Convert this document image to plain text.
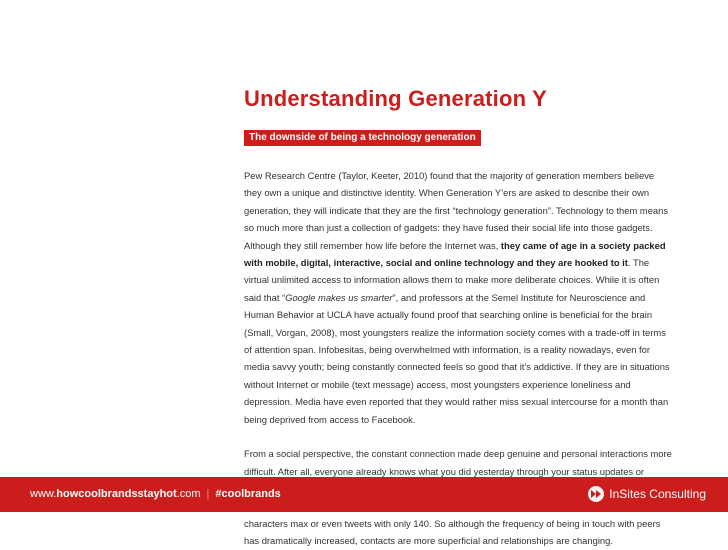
Understanding Generation Y
The downside of being a technology generation

Pew Research Centre (Taylor, Keeter, 2010) found that the majority of generation members believe they own a unique and distinctive identity. When Generation Y’ers are asked to describe their own generation, they will indicate that they are the first “technology generation”. Technology to them means so much more than just a collection of gadgets: they have fused their social life into those gadgets. Although they still remember how life before the Internet was, they came of age in a society packed with mobile, digital, interactive, social and online technology and they are hooked to it. The virtual unlimited access to information allows them to make more deliberate choices. While it is often said that “Google makes us smarter”, and professors at the Semel Institute for Neuroscience and Human Behavior at UCLA have actually found proof that searching online is beneficial for the brain (Small, Vorgan, 2008), most youngsters realize the information society comes with a trade-off in terms of attention span. Infobesitas, being overwhelmed with information, is a reality nowadays, even for media savvy youth; being constantly connected feels so good that it’s addictive. If they are in situations without Internet or mobile (text message) access, most youngsters experience loneliness and depression. Media have even reported that they would rather miss sexual intercourse for a month than being deprived from access to Facebook.

From a social perspective, the constant connection made deep genuine and personal interactions more difficult. After all, everyone already knows what you did yesterday through your status updates or characters max or even tweets with only 140. So although the frequency of being in touch with peers has dramatically increased, contacts are more superficial and relationships are changing.

www.howcoolbrandsstayhot.com | #coolbrands	InSites Consulting
